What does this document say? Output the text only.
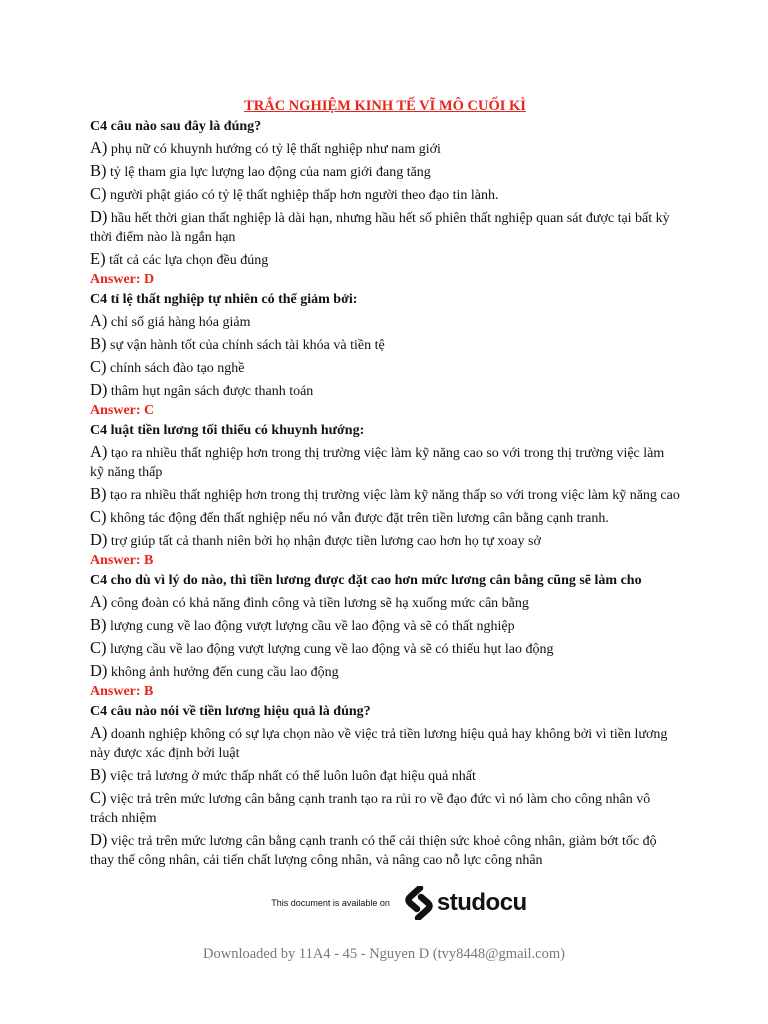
TRẮC NGHIỆM KINH TẾ VĨ MÔ CUỐI KÌ
C4 câu nào sau đây là đúng?
A) phụ nữ có khuynh hướng có tỷ lệ thất nghiệp như nam giới
B) tỷ lệ tham gia lực lượng lao động của nam giới đang tăng
C) người phật giáo có tỷ lệ thất nghiệp thấp hơn người theo đạo tin lành.
D) hầu hết thời gian thất nghiệp là dài hạn, nhưng hầu hết số phiên thất nghiệp quan sát được tại bất kỳ thời điểm nào là ngắn hạn
E) tất cả các lựa chọn đều đúng
Answer: D
C4 tỉ lệ thất nghiệp tự nhiên có thể giảm bởi:
A) chỉ số giá hàng hóa giảm
B) sự vận hành tốt của chính sách tài khóa và tiền tệ
C) chính sách đào tạo nghề
D) thâm hụt ngân sách được thanh toán
Answer: C
C4 luật tiền lương tối thiểu có khuynh hướng:
A) tạo ra nhiều thất nghiệp hơn trong thị trường việc làm kỹ năng cao so với trong thị trường việc làm kỹ năng thấp
B) tạo ra nhiều thất nghiệp hơn trong thị trường việc làm kỹ năng thấp so với trong việc làm kỹ năng cao
C) không tác động đến thất nghiệp nếu nó vẫn được đặt trên tiền lương cân bằng cạnh tranh.
D) trợ giúp tất cả thanh niên bởi họ nhận được tiền lương cao hơn họ tự xoay sở
Answer: B
C4 cho dù vì lý do nào, thì tiền lương được đặt cao hơn mức lương cân bằng cũng sẽ làm cho
A) công đoàn có khả năng đình công và tiền lương sẽ hạ xuống mức cân bằng
B) lượng cung về lao động vượt lượng cầu về lao động và sẽ có thất nghiệp
C) lượng cầu về lao động vượt lượng cung về lao động và sẽ có thiếu hụt lao động
D) không ảnh hưởng đến cung cầu lao động
Answer: B
C4 câu nào nói về tiền lương hiệu quả là đúng?
A) doanh nghiệp không có sự lựa chọn nào về việc trả tiền lương hiệu quả hay không bởi vì tiền lương này được xác định bởi luật
B) việc trả lương ở mức thấp nhất có thể luôn luôn đạt hiệu quả nhất
C) việc trả trên mức lương cân bằng cạnh tranh tạo ra rủi ro về đạo đức vì nó làm cho công nhân vô trách nhiệm
D) việc trả trên mức lương cân bằng cạnh tranh có thể cải thiện sức khoẻ công nhân, giảm bớt tốc độ thay thế công nhân, cải tiến chất lượng công nhân, và nâng cao nỗ lực công nhân
This document is available on studocu
Downloaded by 11A4 - 45 - Nguyen D (tvy8448@gmail.com)
